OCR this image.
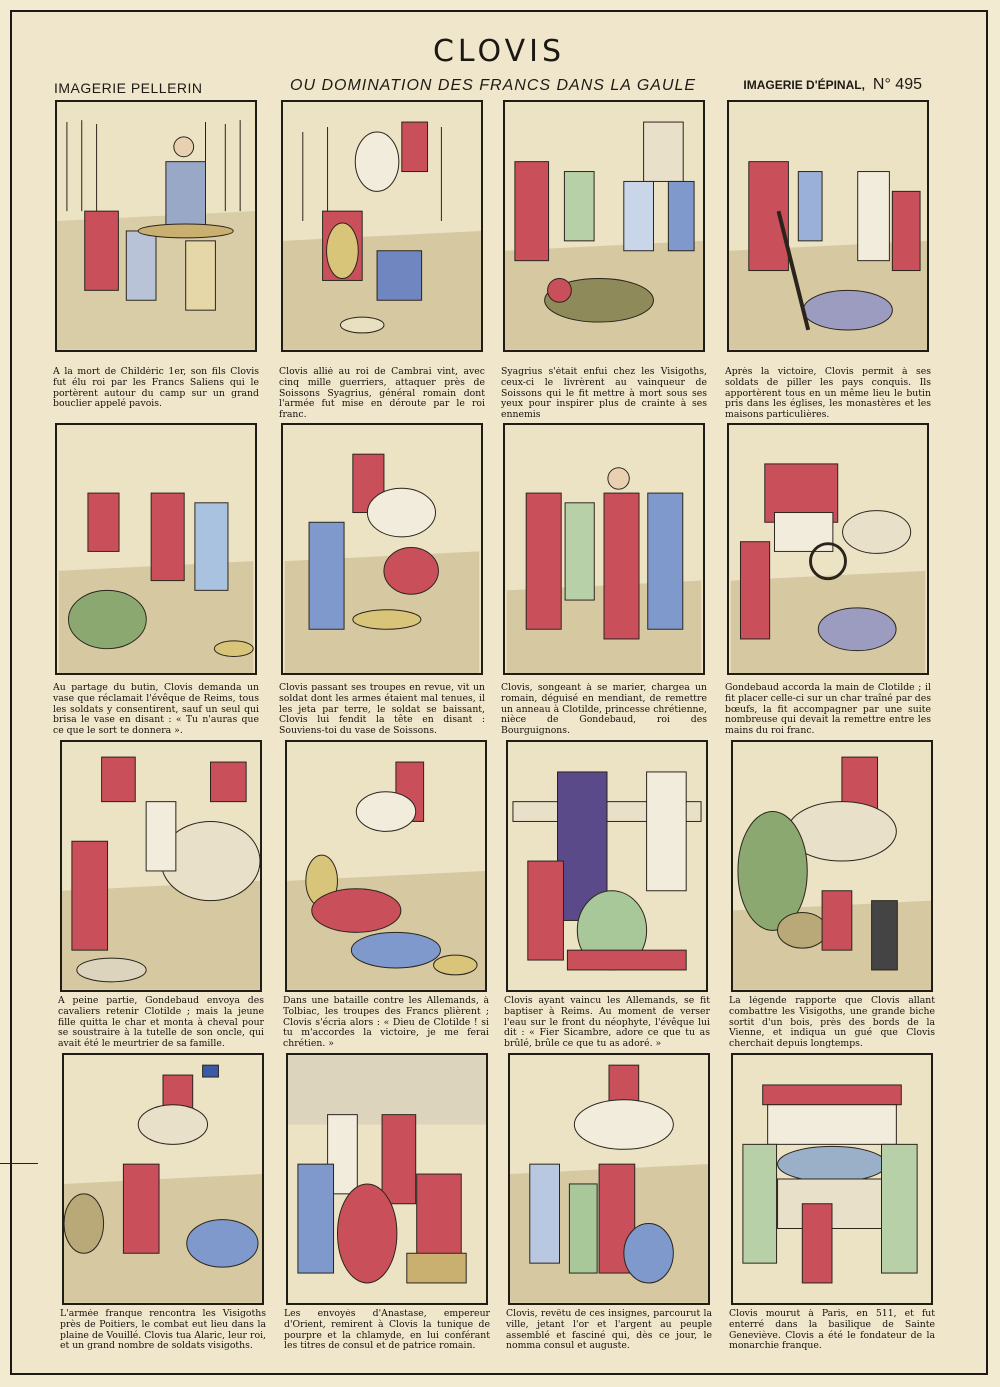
CLOVIS
IMAGERIE PELLERIN	OU DOMINATION DES FRANCS DANS LA GAULE	IMAGERIE D'ÉPINAL, N° 495
A la mort de Childéric 1er, son fils Clovis fut élu roi par les Francs Saliens qui le portèrent autour du camp sur un grand bouclier appelé pavois.
Clovis allié au roi de Cambrai vint, avec cinq mille guerriers, attaquer près de Soissons Syagrius, général romain dont l'armée fut mise en déroute par le roi franc.
Syagrius s'était enfui chez les Visigoths, ceux-ci le livrèrent au vainqueur de Soissons qui le fit mettre à mort sous ses yeux pour inspirer plus de crainte à ses ennemis
Après la victoire, Clovis permit à ses soldats de piller les pays conquis. Ils apportèrent tous en un même lieu le butin pris dans les églises, les monastères et les maisons particulières.
Au partage du butin, Clovis demanda un vase que réclamait l'évêque de Reims, tous les soldats y consentirent, sauf un seul qui brisa le vase en disant : « Tu n'auras que ce que le sort te donnera ».
Clovis passant ses troupes en revue, vit un soldat dont les armes étaient mal tenues, il les jeta par terre, le soldat se baissant, Clovis lui fendit la tête en disant : Souviens-toi du vase de Soissons.
Clovis, songeant à se marier, chargea un romain, déguisé en mendiant, de remettre un anneau à Clotilde, princesse chrétienne, nièce de Gondebaud, roi des Bourguignons.
Gondebaud accorda la main de Clotilde ; il fit placer celle-ci sur un char traîné par des bœufs, la fit accompagner par une suite nombreuse qui devait la remettre entre les mains du roi franc.
A peine partie, Gondebaud envoya des cavaliers retenir Clotilde ; mais la jeune fille quitta le char et monta à cheval pour se soustraire à la tutelle de son oncle, qui avait été le meurtrier de sa famille.
Dans une bataille contre les Allemands, à Tolbiac, les troupes des Francs plièrent ; Clovis s'écria alors : « Dieu de Clotilde ! si tu m'accordes la victoire, je me ferai chrétien. »
Clovis ayant vaincu les Allemands, se fit baptiser à Reims. Au moment de verser l'eau sur le front du néophyte, l'évêque lui dit : « Fier Sicambre, adore ce que tu as brûlé, brûle ce que tu as adoré. »
La légende rapporte que Clovis allant combattre les Visigoths, une grande biche sortit d'un bois, près des bords de la Vienne, et indiqua un gué que Clovis cherchait depuis longtemps.
L'armée franque rencontra les Visigoths près de Poitiers, le combat eut lieu dans la plaine de Vouillé. Clovis tua Alaric, leur roi, et un grand nombre de soldats visigoths.
Les envoyés d'Anastase, empereur d'Orient, remirent à Clovis la tunique de pourpre et la chlamyde, en lui conférant les titres de consul et de patrice romain.
Clovis, revêtu de ces insignes, parcourut la ville, jetant l'or et l'argent au peuple assemblé et fasciné qui, dès ce jour, le nomma consul et auguste.
Clovis mourut à Paris, en 511, et fut enterré dans la basilique de Sainte Geneviève. Clovis a été le fondateur de la monarchie franque.
